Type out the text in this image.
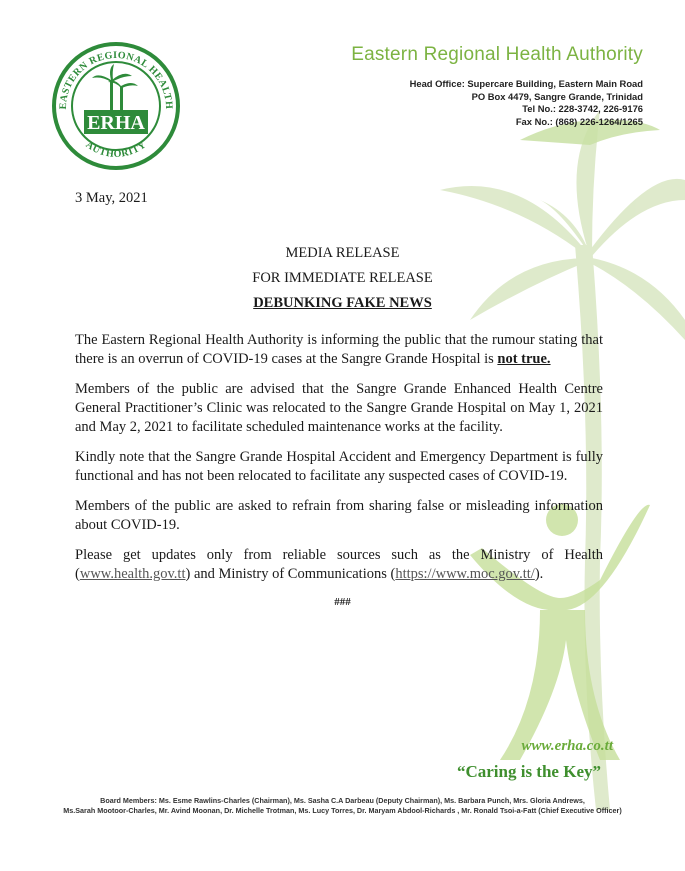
EASTERN REGIONAL HEALTH
AUTHORITY
ERHA
Eastern Regional Health Authority
Head Office: Supercare Building, Eastern Main Road
PO Box 4479, Sangre Grande, Trinidad
Tel No.: 228-3742, 226-9176
Fax No.: (868) 226-1264/1265
3 May, 2021
MEDIA RELEASE
FOR IMMEDIATE RELEASE
DEBUNKING FAKE NEWS

The Eastern Regional Health Authority is informing the public that the rumour stating that there is an overrun of COVID-19 cases at the Sangre Grande Hospital is not true.

Members of the public are advised that the Sangre Grande Enhanced Health Centre General Practitioner’s Clinic was relocated to the Sangre Grande Hospital on May 1, 2021 and May 2, 2021 to facilitate scheduled maintenance works at the facility.

Kindly note that the Sangre Grande Hospital Accident and Emergency Department is fully functional and has not been relocated to facilitate any suspected cases of COVID-19.

Members of the public are asked to refrain from sharing false or misleading information about COVID-19.

Please get updates only from reliable sources such as the Ministry of Health (www.health.gov.tt) and Ministry of Communications (https://www.moc.gov.tt/).

###
www.erha.co.tt
“Caring is the Key”
Board Members: Ms. Esme Rawlins-Charles (Chairman), Ms. Sasha C.A Darbeau (Deputy Chairman), Ms. Barbara Punch, Mrs. Gloria Andrews,
Ms.Sarah Mootoor-Charles, Mr. Avind Moonan, Dr. Michelle Trotman, Ms. Lucy Torres, Dr. Maryam Abdool-Richards , Mr. Ronald Tsoi-a-Fatt (Chief Executive Officer)
